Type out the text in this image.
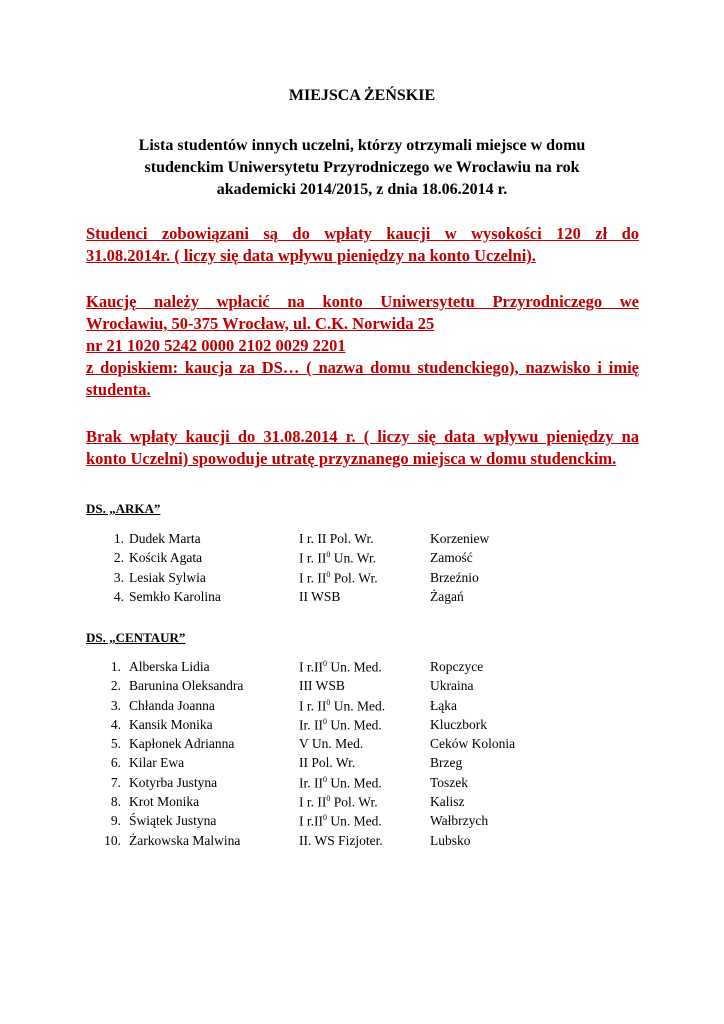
MIEJSCA ŻEŃSKIE
Lista studentów innych uczelni, którzy otrzymali miejsce w domu
studenckim Uniwersytetu Przyrodniczego we Wrocławiu na rok
akademicki 2014/2015, z dnia 18.06.2014 r.
Studenci zobowiązani są do wpłaty kaucji w wysokości 120 zł do
31.08.2014r. ( liczy się data wpływu pieniędzy na konto Uczelni).
Kaucję należy wpłacić na konto Uniwersytetu Przyrodniczego we
Wrocławiu, 50-375 Wrocław, ul. C.K. Norwida 25
nr 21 1020 5242 0000 2102 0029 2201
z dopiskiem: kaucja za DS… ( nazwa domu studenckiego), nazwisko i imię
studenta.
Brak wpłaty kaucji do 31.08.2014 r. ( liczy się data wpływu pieniędzy na
konto Uczelni) spowoduje utratę przyznanego miejsca w domu studenckim.
DS. „ARKA”
1. Dudek Marta	I r. II Pol. Wr.	Korzeniew
2. Kościk Agata	I r. $II^0$ Un. Wr.	Zamość
3. Lesiak Sylwia	I r. $II^0$ Pol. Wr.	Brzeźnio
4. Semkło Karolina	II WSB	Żagań
DS. „CENTAUR”
1. Alberska Lidia	I $r.II^0$ Un. Med.	Ropczyce
2. Barunina Oleksandra	III WSB	Ukraina
3. Chłanda Joanna	I r. $II^0$ Un. Med.	Łąka
4. Kansik Monika	Ir. $II^0$ Un. Med.	Kluczbork
5. Kapłonek Adrianna	V Un. Med.	Ceków Kolonia
6. Kilar Ewa	II Pol. Wr.	Brzeg
7. Kotyrba Justyna	Ir. $II^0$ Un. Med.	Toszek
8. Krot Monika	I r. $II^0$ Pol. Wr.	Kalisz
9. Świątek Justyna	I $r.II^0$ Un. Med.	Wałbrzych
10. Żarkowska Malwina	II. WS Fizjoter.	Lubsko
